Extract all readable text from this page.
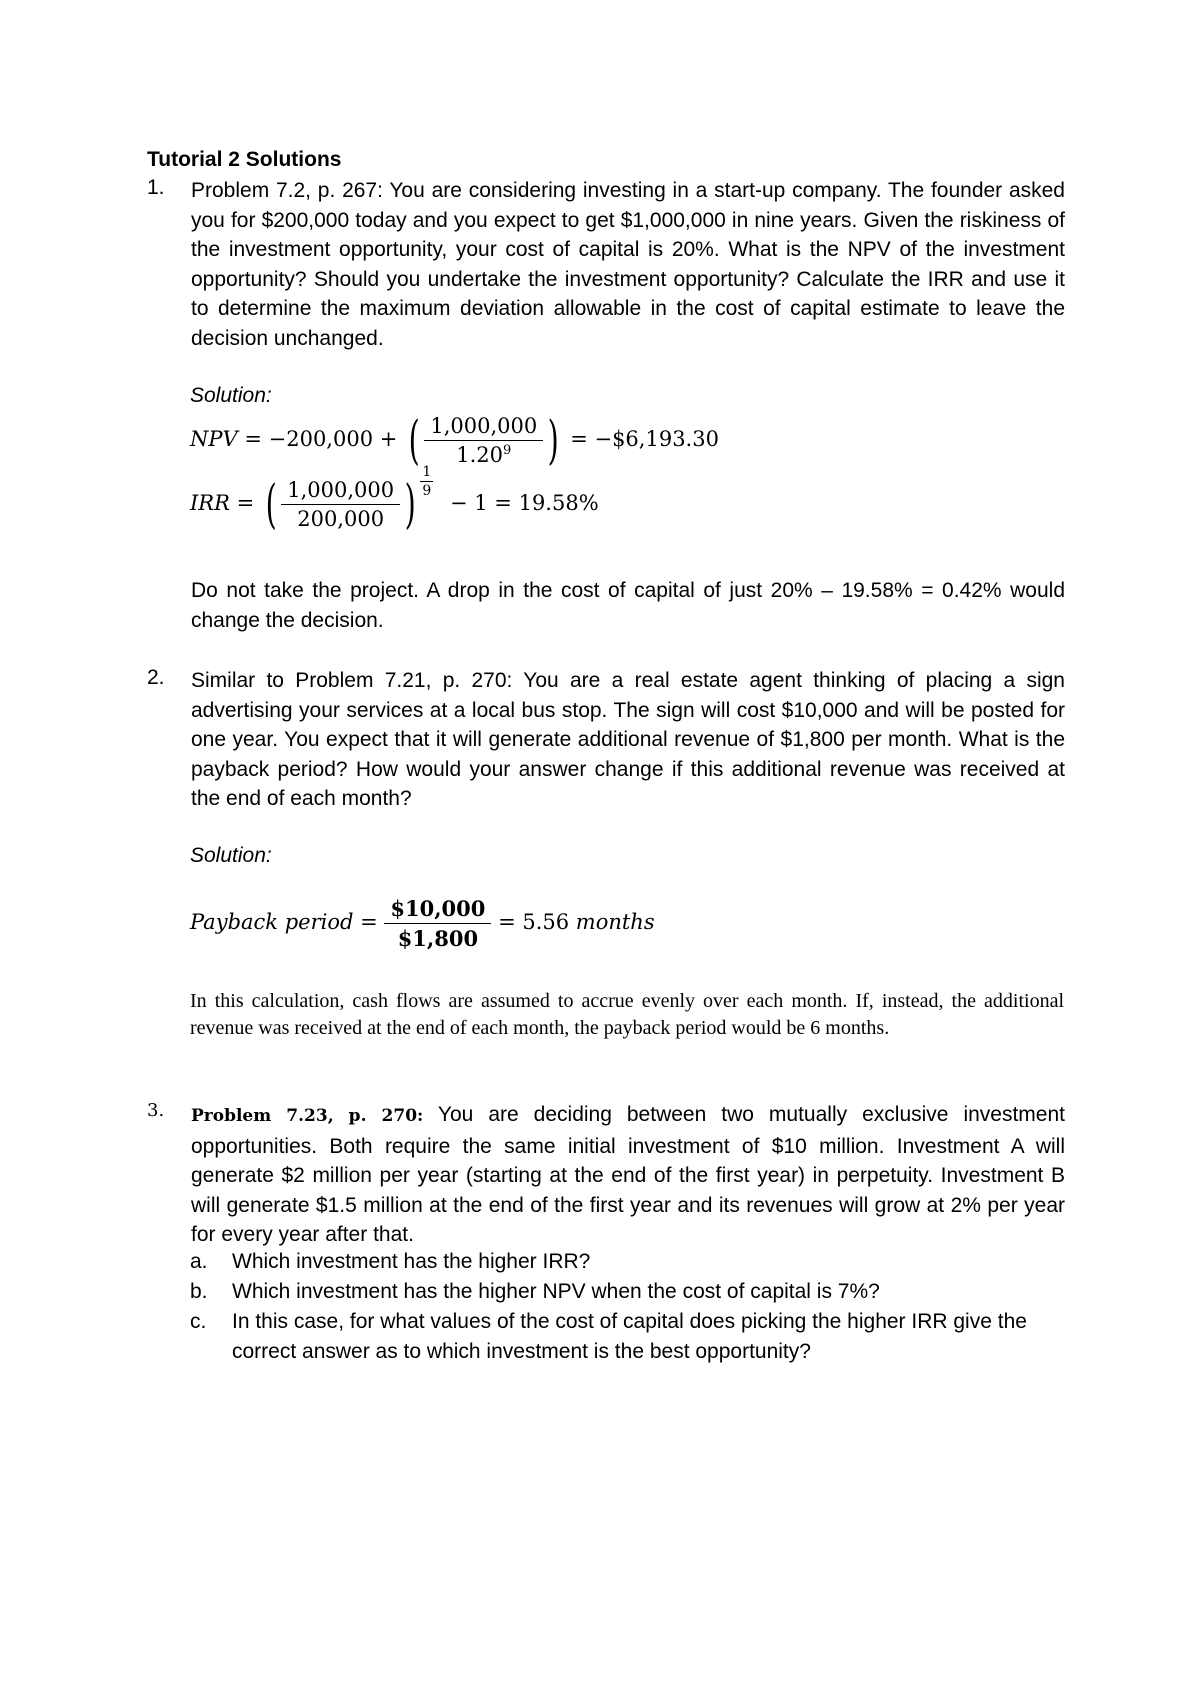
Tutorial 2 Solutions
1. Problem 7.2, p. 267: You are considering investing in a start-up company. The founder asked you for $200,000 today and you expect to get $1,000,000 in nine years. Given the riskiness of the investment opportunity, your cost of capital is 20%. What is the NPV of the investment opportunity? Should you undertake the investment opportunity? Calculate the IRR and use it to determine the maximum deviation allowable in the cost of capital estimate to leave the decision unchanged.
Solution:
NPV = −200,000 + ( $\frac{1,000,000}{1.20^9}$ ) = −$6,193.30
IRR = ( $\frac{1,000,000}{200,000}$ ) $\frac{1}{9}$
− 1 = 19.58%
Do not take the project. A drop in the cost of capital of just 20% – 19.58% = 0.42% would change the decision.
2. Similar to Problem 7.21, p. 270: You are a real estate agent thinking of placing a sign advertising your services at a local bus stop. The sign will cost $10,000 and will be posted for one year. You expect that it will generate additional revenue of $1,800 per month. What is the payback period? How would your answer change if this additional revenue was received at the end of each month?
Solution:
Payback period = $\frac{\$10,000}{\$1,800} = 5.56$ months
In this calculation, cash flows are assumed to accrue evenly over each month. If, instead, the additional revenue was received at the end of each month, the payback period would be 6 months.
3. Problem 7.23, p. 270: You are deciding between two mutually exclusive investment opportunities. Both require the same initial investment of $10 million. Investment A will generate $2 million per year (starting at the end of the first year) in perpetuity. Investment B will generate $1.5 million at the end of the first year and its revenues will grow at 2% per year for every year after that.
a. Which investment has the higher IRR?
b. Which investment has the higher NPV when the cost of capital is 7%?
c. In this case, for what values of the cost of capital does picking the higher IRR give the correct answer as to which investment is the best opportunity?
